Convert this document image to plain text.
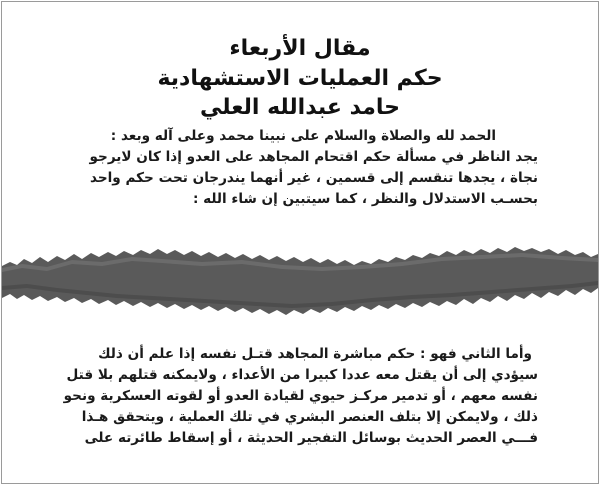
مقال الأربعاء
حكم العمليات الاستشهادية
حامد عبدالله العلي
الحمد لله والصلاة والسلام على نبينا محمد وعلى آله وبعد :
يجد الناظر في مسألة حكم اقتحام المجاهد على العدو إذا كان لايرجو
نجاة ، يجدها تنقسم إلى قسمين ، غير أنهما يندرجان تحت حكم واحد
بحسـب الاستدلال والنظر ، كما سيتبين إن شاء الله :
وأما الثاني فهو : حكم مباشرة المجاهد قتـل نفسه إذا علم أن ذلك
سيؤدي إلى أن يقتل معه عددا كبيرا من الأعداء ، ولايمكنه قتلهم بلا قتل
نفسه معهم ، أو تدمير مركـز حيوي لقيادة العدو أو لقوته العسكرية ونحو
ذلك ، ولايمكن إلا بتلف العنصر البشري في تلك العملية ، ويتحقق هـذا
فـــي العصر الحديث بوسائل التفجير الحديثة ، أو إسقاط طائرته على
